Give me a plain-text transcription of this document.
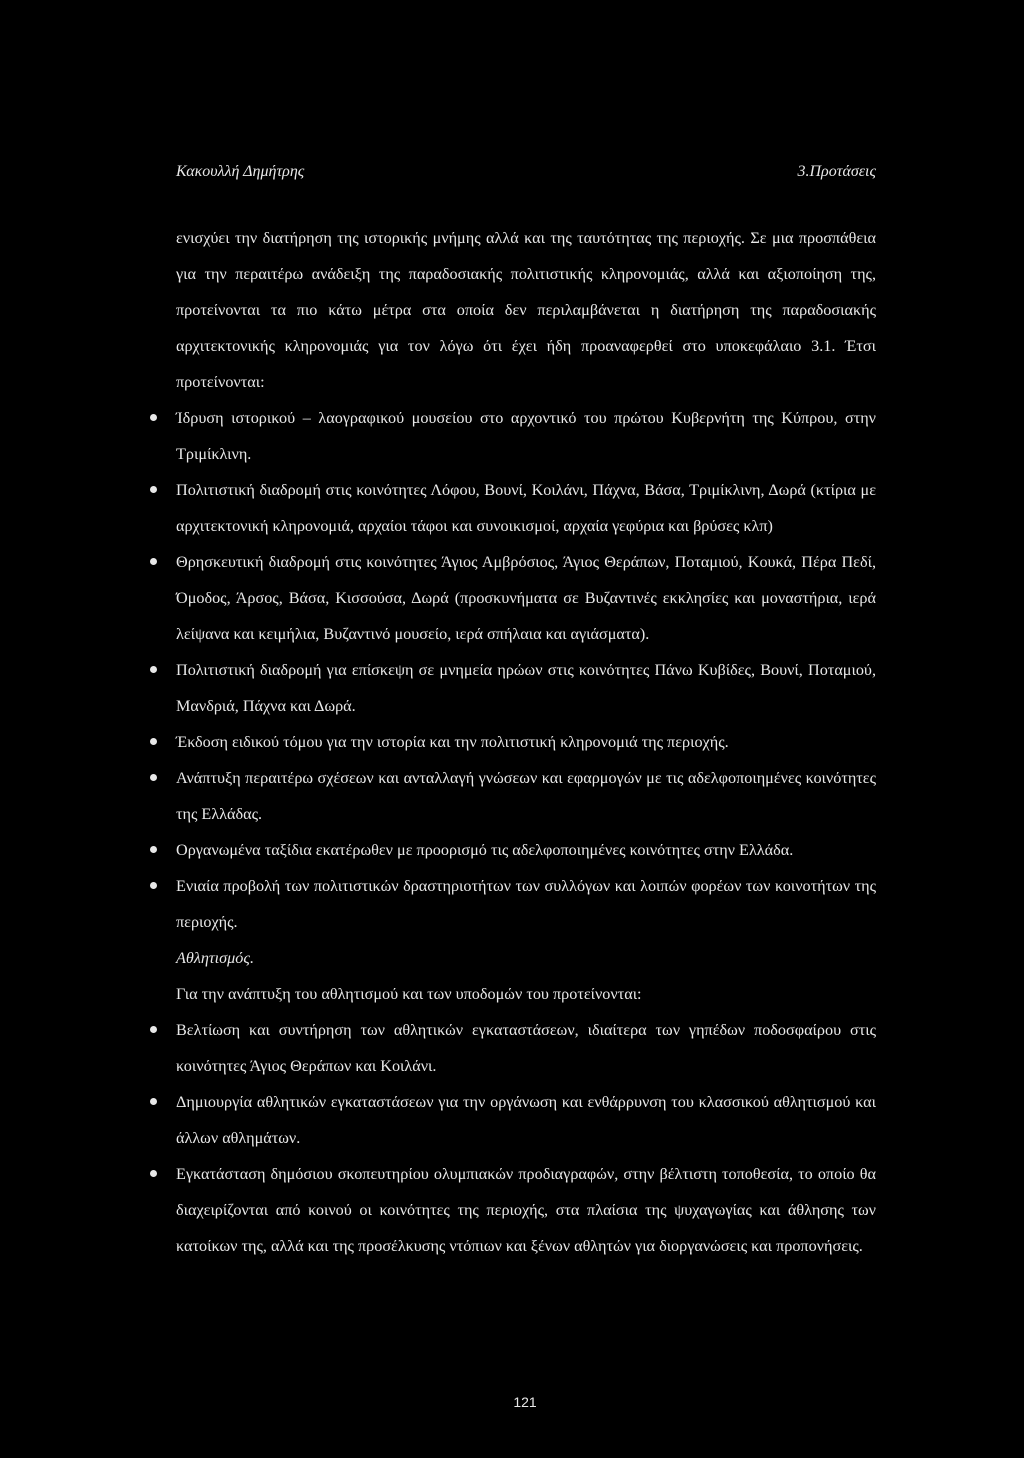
Κακουλλή Δημήτρης	3.Προτάσεις

ενισχύει την διατήρηση της ιστορικής μνήμης αλλά και της ταυτότητας της περιοχής. Σε μια προσπάθεια για την περαιτέρω ανάδειξη της παραδοσιακής πολιτιστικής κληρονομιάς, αλλά και αξιοποίηση της, προτείνονται τα πιο κάτω μέτρα στα οποία δεν περιλαμβάνεται η διατήρηση της παραδοσιακής αρχιτεκτονικής κληρονομιάς για τον λόγω ότι έχει ήδη προαναφερθεί στο υποκεφάλαιο 3.1. Έτσι προτείνονται:

Ίδρυση ιστορικού – λαογραφικού μουσείου στο αρχοντικό του πρώτου Κυβερνήτη της Κύπρου, στην Τριμίκλινη.
Πολιτιστική διαδρομή στις κοινότητες Λόφου, Βουνί, Κοιλάνι, Πάχνα, Βάσα, Τριμίκλινη, Δωρά (κτίρια με αρχιτεκτονική κληρονομιά, αρχαίοι τάφοι και συνοικισμοί, αρχαία γεφύρια και βρύσες κλπ)
Θρησκευτική διαδρομή στις κοινότητες Άγιος Αμβρόσιος, Άγιος Θεράπων, Ποταμιού, Κουκά, Πέρα Πεδί, Όμοδος, Άρσος, Βάσα, Κισσούσα, Δωρά (προσκυνήματα σε Βυζαντινές εκκλησίες και μοναστήρια, ιερά λείψανα και κειμήλια, Βυζαντινό μουσείο, ιερά σπήλαια και αγιάσματα).
Πολιτιστική διαδρομή για επίσκεψη σε μνημεία ηρώων στις κοινότητες Πάνω Κυβίδες, Βουνί, Ποταμιού, Μανδριά, Πάχνα και Δωρά.
Έκδοση ειδικού τόμου για την ιστορία και την πολιτιστική κληρονομιά της περιοχής.
Ανάπτυξη περαιτέρω σχέσεων και ανταλλαγή γνώσεων και εφαρμογών με τις αδελφοποιημένες κοινότητες της Ελλάδας.
Οργανωμένα ταξίδια εκατέρωθεν με προορισμό τις αδελφοποιημένες κοινότητες στην Ελλάδα.
Ενιαία προβολή των πολιτιστικών δραστηριοτήτων των συλλόγων και λοιπών φορέων των κοινοτήτων της περιοχής.

Αθλητισμός.

Για την ανάπτυξη του αθλητισμού και των υποδομών του προτείνονται:

Βελτίωση και συντήρηση των αθλητικών εγκαταστάσεων, ιδιαίτερα των γηπέδων ποδοσφαίρου στις κοινότητες Άγιος Θεράπων και Κοιλάνι.
Δημιουργία αθλητικών εγκαταστάσεων για την οργάνωση και ενθάρρυνση του κλασσικού αθλητισμού και άλλων αθλημάτων.
Εγκατάσταση δημόσιου σκοπευτηρίου ολυμπιακών προδιαγραφών, στην βέλτιστη τοποθεσία, το οποίο θα διαχειρίζονται από κοινού οι κοινότητες της περιοχής, στα πλαίσια της ψυχαγωγίας και άθλησης των κατοίκων της, αλλά και της προσέλκυσης ντόπιων και ξένων αθλητών για διοργανώσεις και προπονήσεις.
121
